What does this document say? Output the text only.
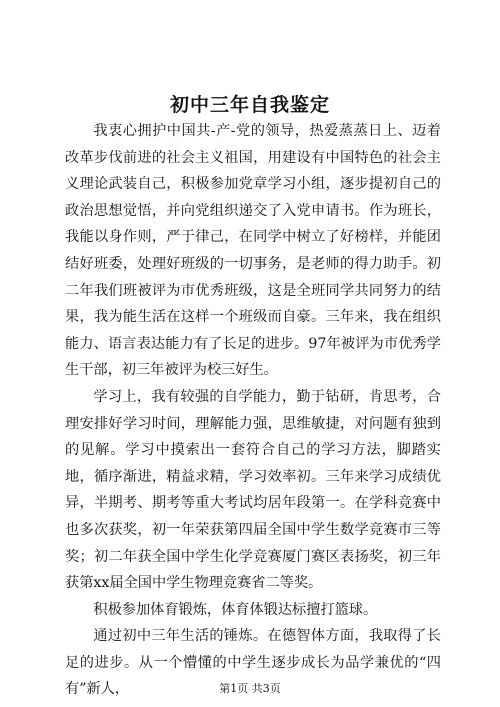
初中三年自我鉴定

我衷心拥护中国共-产-党的领导，热爱蒸蒸日上、迈着改革步伐前进的社会主义祖国，用建设有中国特色的社会主义理论武装自己，积极参加党章学习小组，逐步提初自己的政治思想觉悟，并向党组织递交了入党申请书。作为班长，我能以身作则，严于律己，在同学中树立了好榜样，并能团结好班委，处理好班级的一切事务，是老师的得力助手。初二年我们班被评为市优秀班级，这是全班同学共同努力的结果，我为能生活在这样一个班级而自豪。三年来，我在组织能力、语言表达能力有了长足的进步。97年被评为市优秀学生干部，初三年被评为校三好生。

学习上，我有较强的自学能力，勤于钻研，肯思考，合理安排好学习时间，理解能力强，思维敏捷，对问题有独到的见解。学习中摸索出一套符合自己的学习方法，脚踏实地，循序渐进，精益求精，学习效率初。三年来学习成绩优异，半期考、期考等重大考试均居年段第一。在学科竞赛中也多次获奖，初一年荣获第四届全国中学生数学竞赛市三等奖；初二年获全国中学生化学竞赛厦门赛区表扬奖，初三年获第xx届全国中学生物理竞赛省二等奖。

积极参加体育锻炼，体育体锻达标擅打篮球。

通过初中三年生活的锤炼。在德智体方面，我取得了长足的进步。从一个懵懂的中学生逐步成长为品学兼优的“四有”新人，	第1页 共3页
